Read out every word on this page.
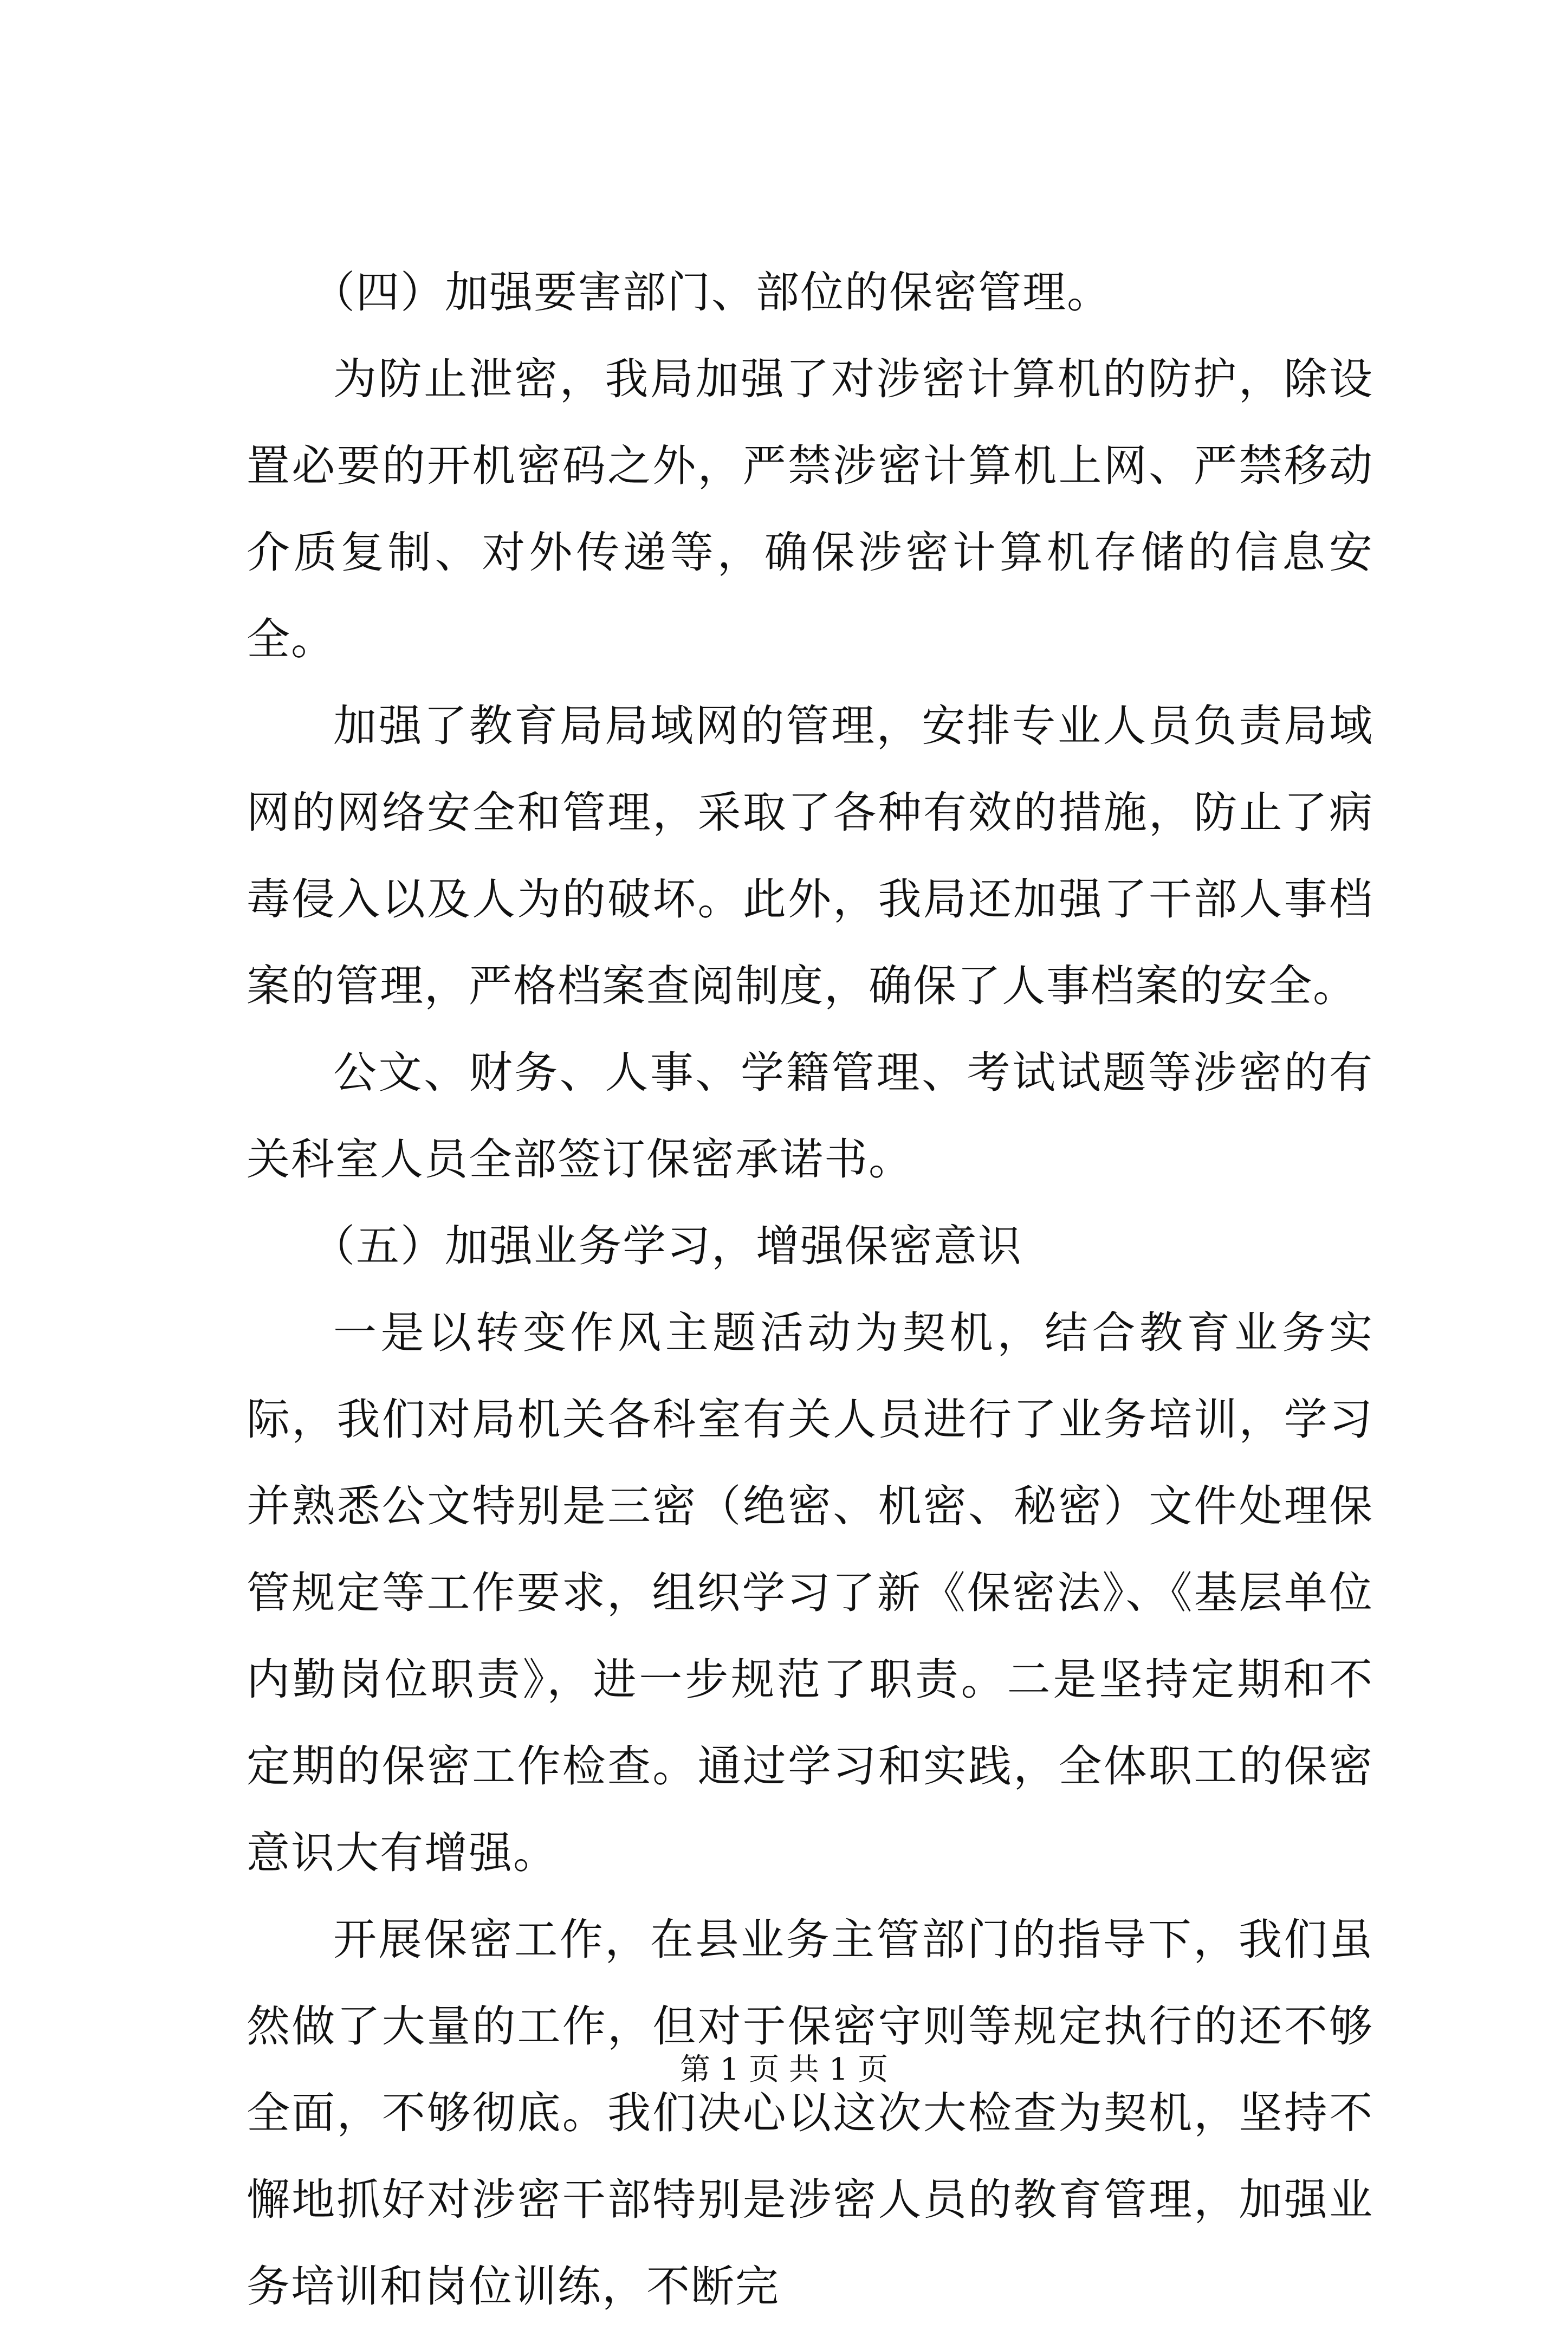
（四）加强要害部门、部位的保密管理。

为防止泄密，我局加强了对涉密计算机的防护，除设置必要的开机密码之外，严禁涉密计算机上网、严禁移动介质复制、对外传递等，确保涉密计算机存储的信息安全。

加强了教育局局域网的管理，安排专业人员负责局域网的网络安全和管理，采取了各种有效的措施，防止了病毒侵入以及人为的破坏。此外，我局还加强了干部人事档案的管理，严格档案查阅制度，确保了人事档案的安全。

公文、财务、人事、学籍管理、考试试题等涉密的有关科室人员全部签订保密承诺书。

（五）加强业务学习，增强保密意识

一是以转变作风主题活动为契机，结合教育业务实际，我们对局机关各科室有关人员进行了业务培训，学习并熟悉公文特别是三密（绝密、机密、秘密）文件处理保管规定等工作要求，组织学习了新《保密法》、《基层单位内勤岗位职责》，进一步规范了职责。二是坚持定期和不定期的保密工作检查。通过学习和实践，全体职工的保密意识大有增强。

开展保密工作，在县业务主管部门的指导下，我们虽然做了大量的工作，但对于保密守则等规定执行的还不够全面，不够彻底。我们决心以这次大检查为契机，坚持不懈地抓好对涉密干部特别是涉密人员的教育管理，加强业务培训和岗位训练，不断完

第 1 页 共 1 页
